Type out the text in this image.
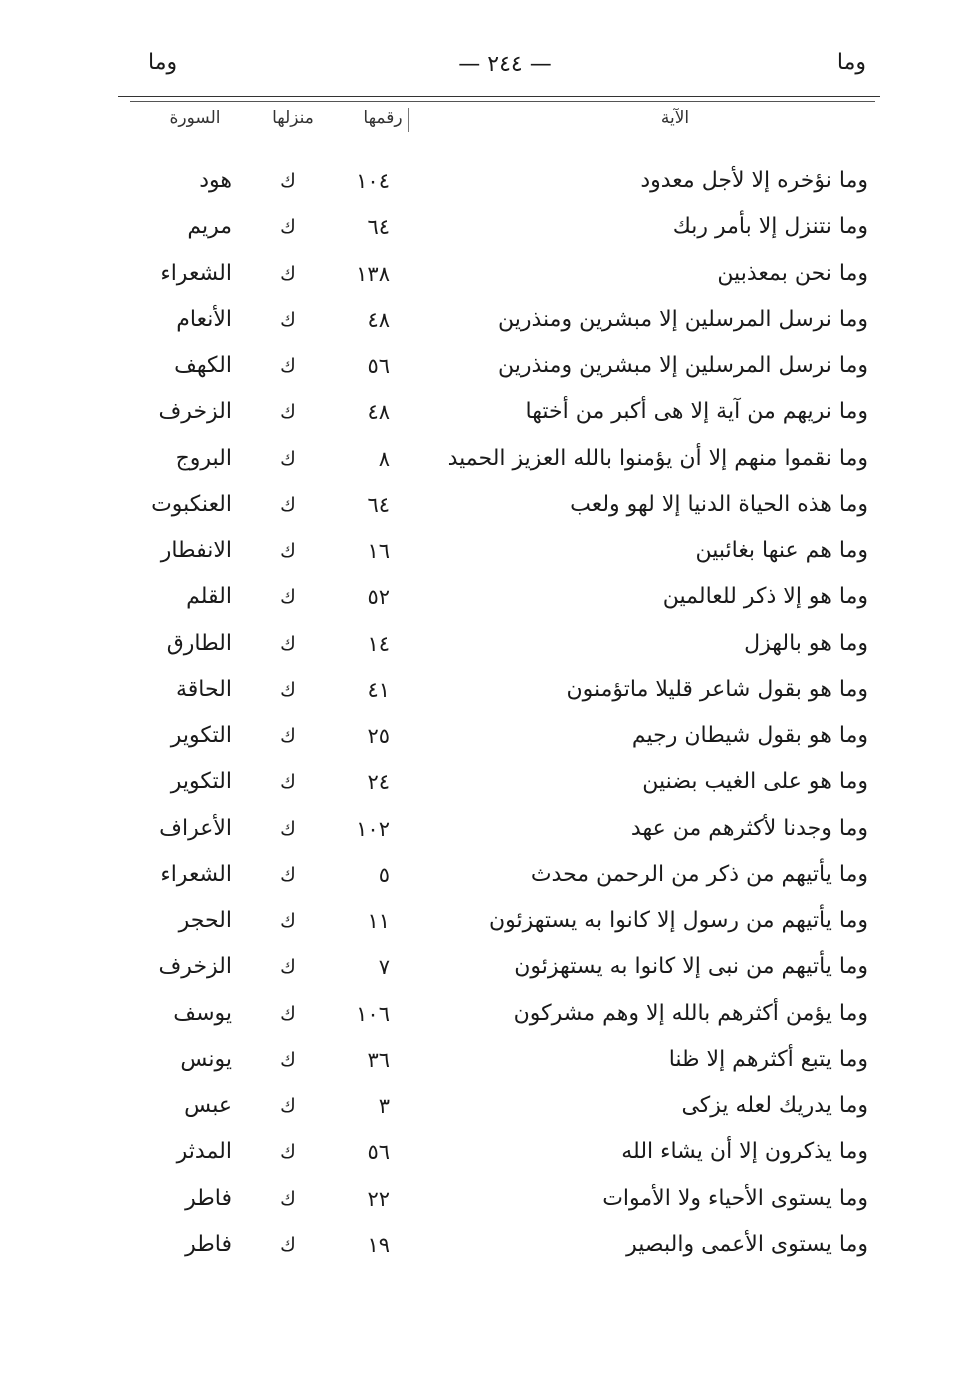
وما	— ٢٤٤ —	وما
الآية
رقمها
منزلها
السورة
وما نؤخره إلا لأجل معدود
١٠٤
ك
هود
وما نتنزل إلا بأمر ربك
٦٤
ك
مريم
وما نحن بمعذبين
١٣٨
ك
الشعراء
وما نرسل المرسلين إلا مبشرين ومنذرين
٤٨
ك
الأنعام
وما نرسل المرسلين إلا مبشرين ومنذرين
٥٦
ك
الكهف
وما نريهم من آية إلا هى أكبر من أختها
٤٨
ك
الزخرف
وما نقموا منهم إلا أن يؤمنوا بالله العزيز الحميد
٨
ك
البروج
وما هذه الحياة الدنيا إلا لهو ولعب
٦٤
ك
العنكبوت
وما هم عنها بغائبين
١٦
ك
الانفطار
وما هو إلا ذكر للعالمين
٥٢
ك
القلم
وما هو بالهزل
١٤
ك
الطارق
وما هو بقول شاعر قليلا ماتؤمنون
٤١
ك
الحاقة
وما هو بقول شيطان رجيم
٢٥
ك
التكوير
وما هو على الغيب بضنين
٢٤
ك
التكوير
وما وجدنا لأكثرهم من عهد
١٠٢
ك
الأعراف
وما يأتيهم من ذكر من الرحمن محدث
٥
ك
الشعراء
وما يأتيهم من رسول إلا كانوا به يستهزئون
١١
ك
الحجر
وما يأتيهم من نبى إلا كانوا به يستهزئون
٧
ك
الزخرف
وما يؤمن أكثرهم بالله إلا وهم مشركون
١٠٦
ك
يوسف
وما يتبع أكثرهم إلا ظنا
٣٦
ك
يونس
وما يدريك لعله يزكى
٣
ك
عبس
وما يذكرون إلا أن يشاء الله
٥٦
ك
المدثر
وما يستوى الأحياء ولا الأموات
٢٢
ك
فاطر
وما يستوى الأعمى والبصير
١٩
ك
فاطر
